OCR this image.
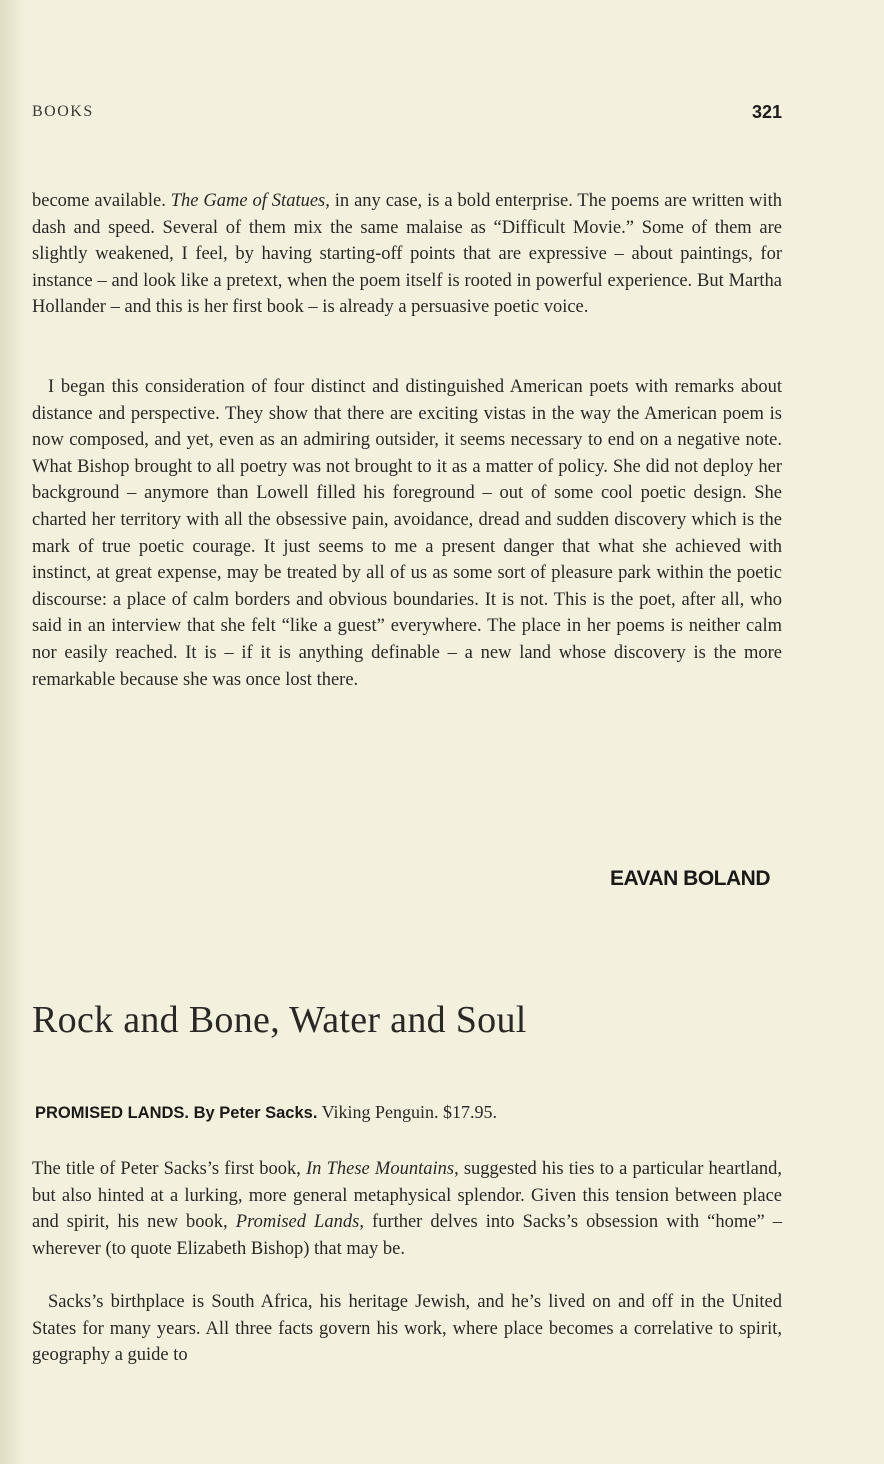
BOOKS	321

become available. The Game of Statues, in any case, is a bold enterprise. The poems are written with dash and speed. Several of them mix the same malaise as “Difficult Movie.” Some of them are slightly weakened, I feel, by having starting-off points that are expressive – about paintings, for instance – and look like a pretext, when the poem itself is rooted in powerful experience. But Martha Hollander – and this is her first book – is already a persuasive poetic voice.

I began this consideration of four distinct and distinguished American poets with remarks about distance and perspective. They show that there are exciting vistas in the way the American poem is now composed, and yet, even as an admiring outsider, it seems necessary to end on a negative note. What Bishop brought to all poetry was not brought to it as a matter of policy. She did not deploy her background – anymore than Lowell filled his foreground – out of some cool poetic design. She charted her territory with all the obsessive pain, avoidance, dread and sudden discovery which is the mark of true poetic courage. It just seems to me a present danger that what she achieved with instinct, at great expense, may be treated by all of us as some sort of pleasure park within the poetic discourse: a place of calm borders and obvious boundaries. It is not. This is the poet, after all, who said in an interview that she felt “like a guest” everywhere. The place in her poems is neither calm nor easily reached. It is – if it is anything definable – a new land whose discovery is the more remarkable because she was once lost there.

EAVAN BOLAND
Rock and Bone, Water and Soul

PROMISED LANDS. By Peter Sacks. Viking Penguin. $17.95.

The title of Peter Sacks’s first book, In These Mountains, suggested his ties to a particular heartland, but also hinted at a lurking, more general metaphysical splendor. Given this tension between place and spirit, his new book, Promised Lands, further delves into Sacks’s obsession with “home” – wherever (to quote Elizabeth Bishop) that may be.

Sacks’s birthplace is South Africa, his heritage Jewish, and he’s lived on and off in the United States for many years. All three facts govern his work, where place becomes a correlative to spirit, geography a guide to
